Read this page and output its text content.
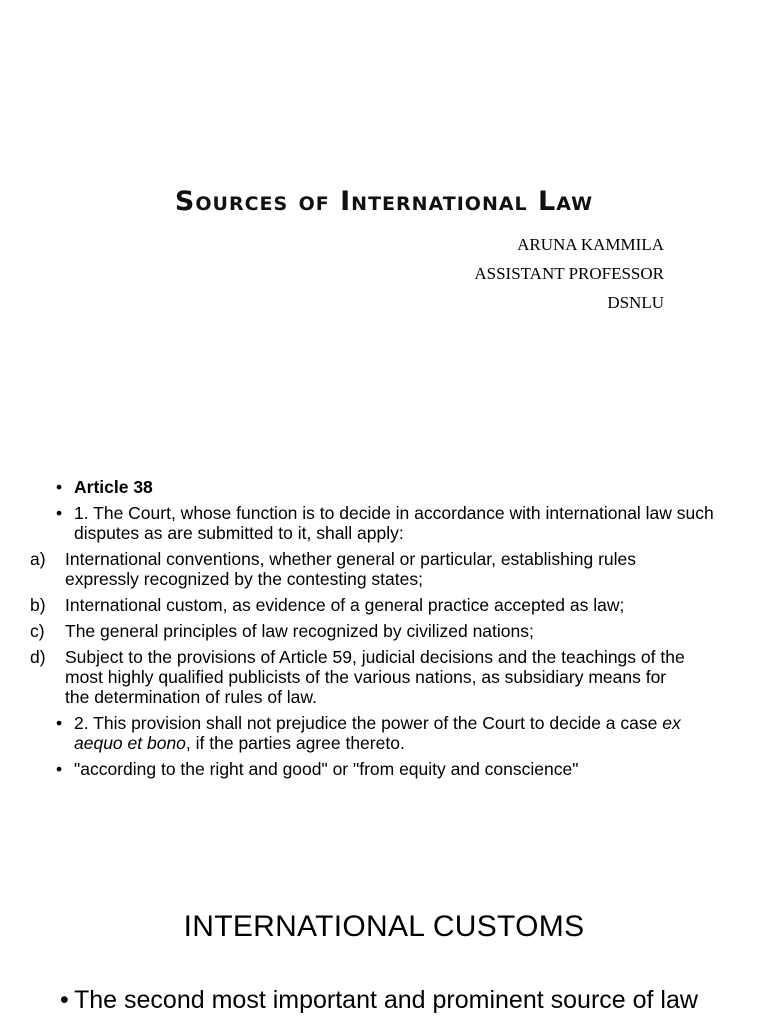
Sources of International Law
ARUNA KAMMILA
ASSISTANT PROFESSOR
DSNLU
• Article 38
• 1. The Court, whose function is to decide in accordance with international law such disputes as are submitted to it, shall apply:
a) International conventions, whether general or particular, establishing rules expressly recognized by the contesting states;
b) International custom, as evidence of a general practice accepted as law;
c) The general principles of law recognized by civilized nations;
d) Subject to the provisions of Article 59, judicial decisions and the teachings of the most highly qualified publicists of the various nations, as subsidiary means for the determination of rules of law.
• 2. This provision shall not prejudice the power of the Court to decide a case ex aequo et bono, if the parties agree thereto.
• "according to the right and good" or "from equity and conscience"
INTERNATIONAL CUSTOMS
• The second most important and prominent source of law
